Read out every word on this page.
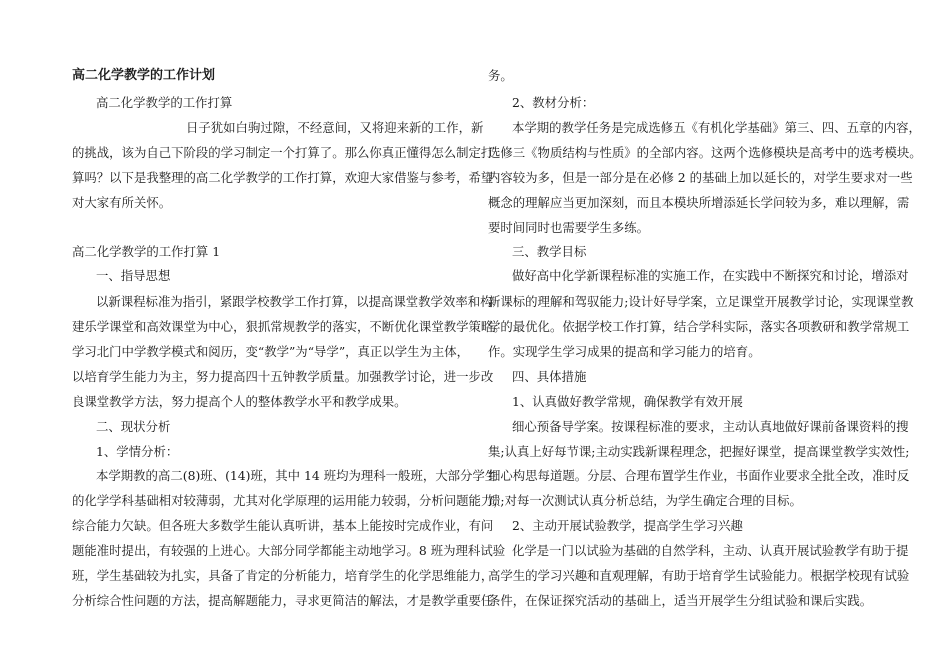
高二化学教学的工作计划
高二化学教学的工作打算
日子犹如白驹过隙，不经意间，又将迎来新的工作，新
的挑战，该为自己下阶段的学习制定一个打算了。那么你真正懂得怎么制定打
算吗？以下是我整理的高二化学教学的工作打算，欢迎大家借鉴与参考，希望
对大家有所关怀。
高二化学教学的工作打算 1
一、指导思想
以新课程标准为指引，紧跟学校教学工作打算，以提高课堂教学效率和构
建乐学课堂和高效课堂为中心，狠抓常规教学的落实，不断优化课堂教学策略。
学习北门中学教学模式和阅历，变“教学”为“导学”，真正以学生为主体，
以培育学生能力为主，努力提高四十五钟教学质量。加强教学讨论，进一步改
良课堂教学方法，努力提高个人的整体教学水平和教学成果。
二、现状分析
1、学情分析：
本学期教的高二(8)班、(14)班，其中 14 班均为理科一般班，大部分学生
的化学学科基础相对较薄弱，尤其对化学原理的运用能力较弱，分析问题能力，
综合能力欠缺。但各班大多数学生能认真听讲，基本上能按时完成作业，有问
题能准时提出，有较强的上进心。大部分同学都能主动地学习。8 班为理科试验
班，学生基础较为扎实，具备了肯定的分析能力，培育学生的化学思维能力，
分析综合性问题的方法，提高解题能力，寻求更简洁的解法，才是教学重要任
务。
2、教材分析：
本学期的教学任务是完成选修五《有机化学基础》第三、四、五章的内容，
选修三《物质结构与性质》的全部内容。这两个选修模块是高考中的选考模块。
内容较为多，但是一部分是在必修 2 的基础上加以延长的，对学生要求对一些
概念的理解应当更加深刻，而且本模块所增添延长学问较为多，难以理解，需
要时间同时也需要学生多练。
三、教学目标
做好高中化学新课程标准的实施工作，在实践中不断探究和讨论，增添对
新课标的理解和驾驭能力;设计好导学案，立足课堂开展教学讨论，实现课堂教
学的最优化。依据学校工作打算，结合学科实际，落实各项教研和教学常规工
作。实现学生学习成果的提高和学习能力的培育。
四、具体措施
1、认真做好教学常规，确保教学有效开展
细心预备导学案。按课程标准的要求，主动认真地做好课前备课资料的搜
集;认真上好每节课;主动实践新课程理念，把握好课堂，提高课堂教学实效性;
细心构思每道题。分层、合理布置学生作业，书面作业要求全批全改，准时反
馈;对每一次测试认真分析总结，为学生确定合理的目标。
2、主动开展试验教学，提高学生学习兴趣
化学是一门以试验为基础的自然学科，主动、认真开展试验教学有助于提
高学生的学习兴趣和直观理解，有助于培育学生试验能力。根据学校现有试验
条件，在保证探究活动的基础上，适当开展学生分组试验和课后实践。
